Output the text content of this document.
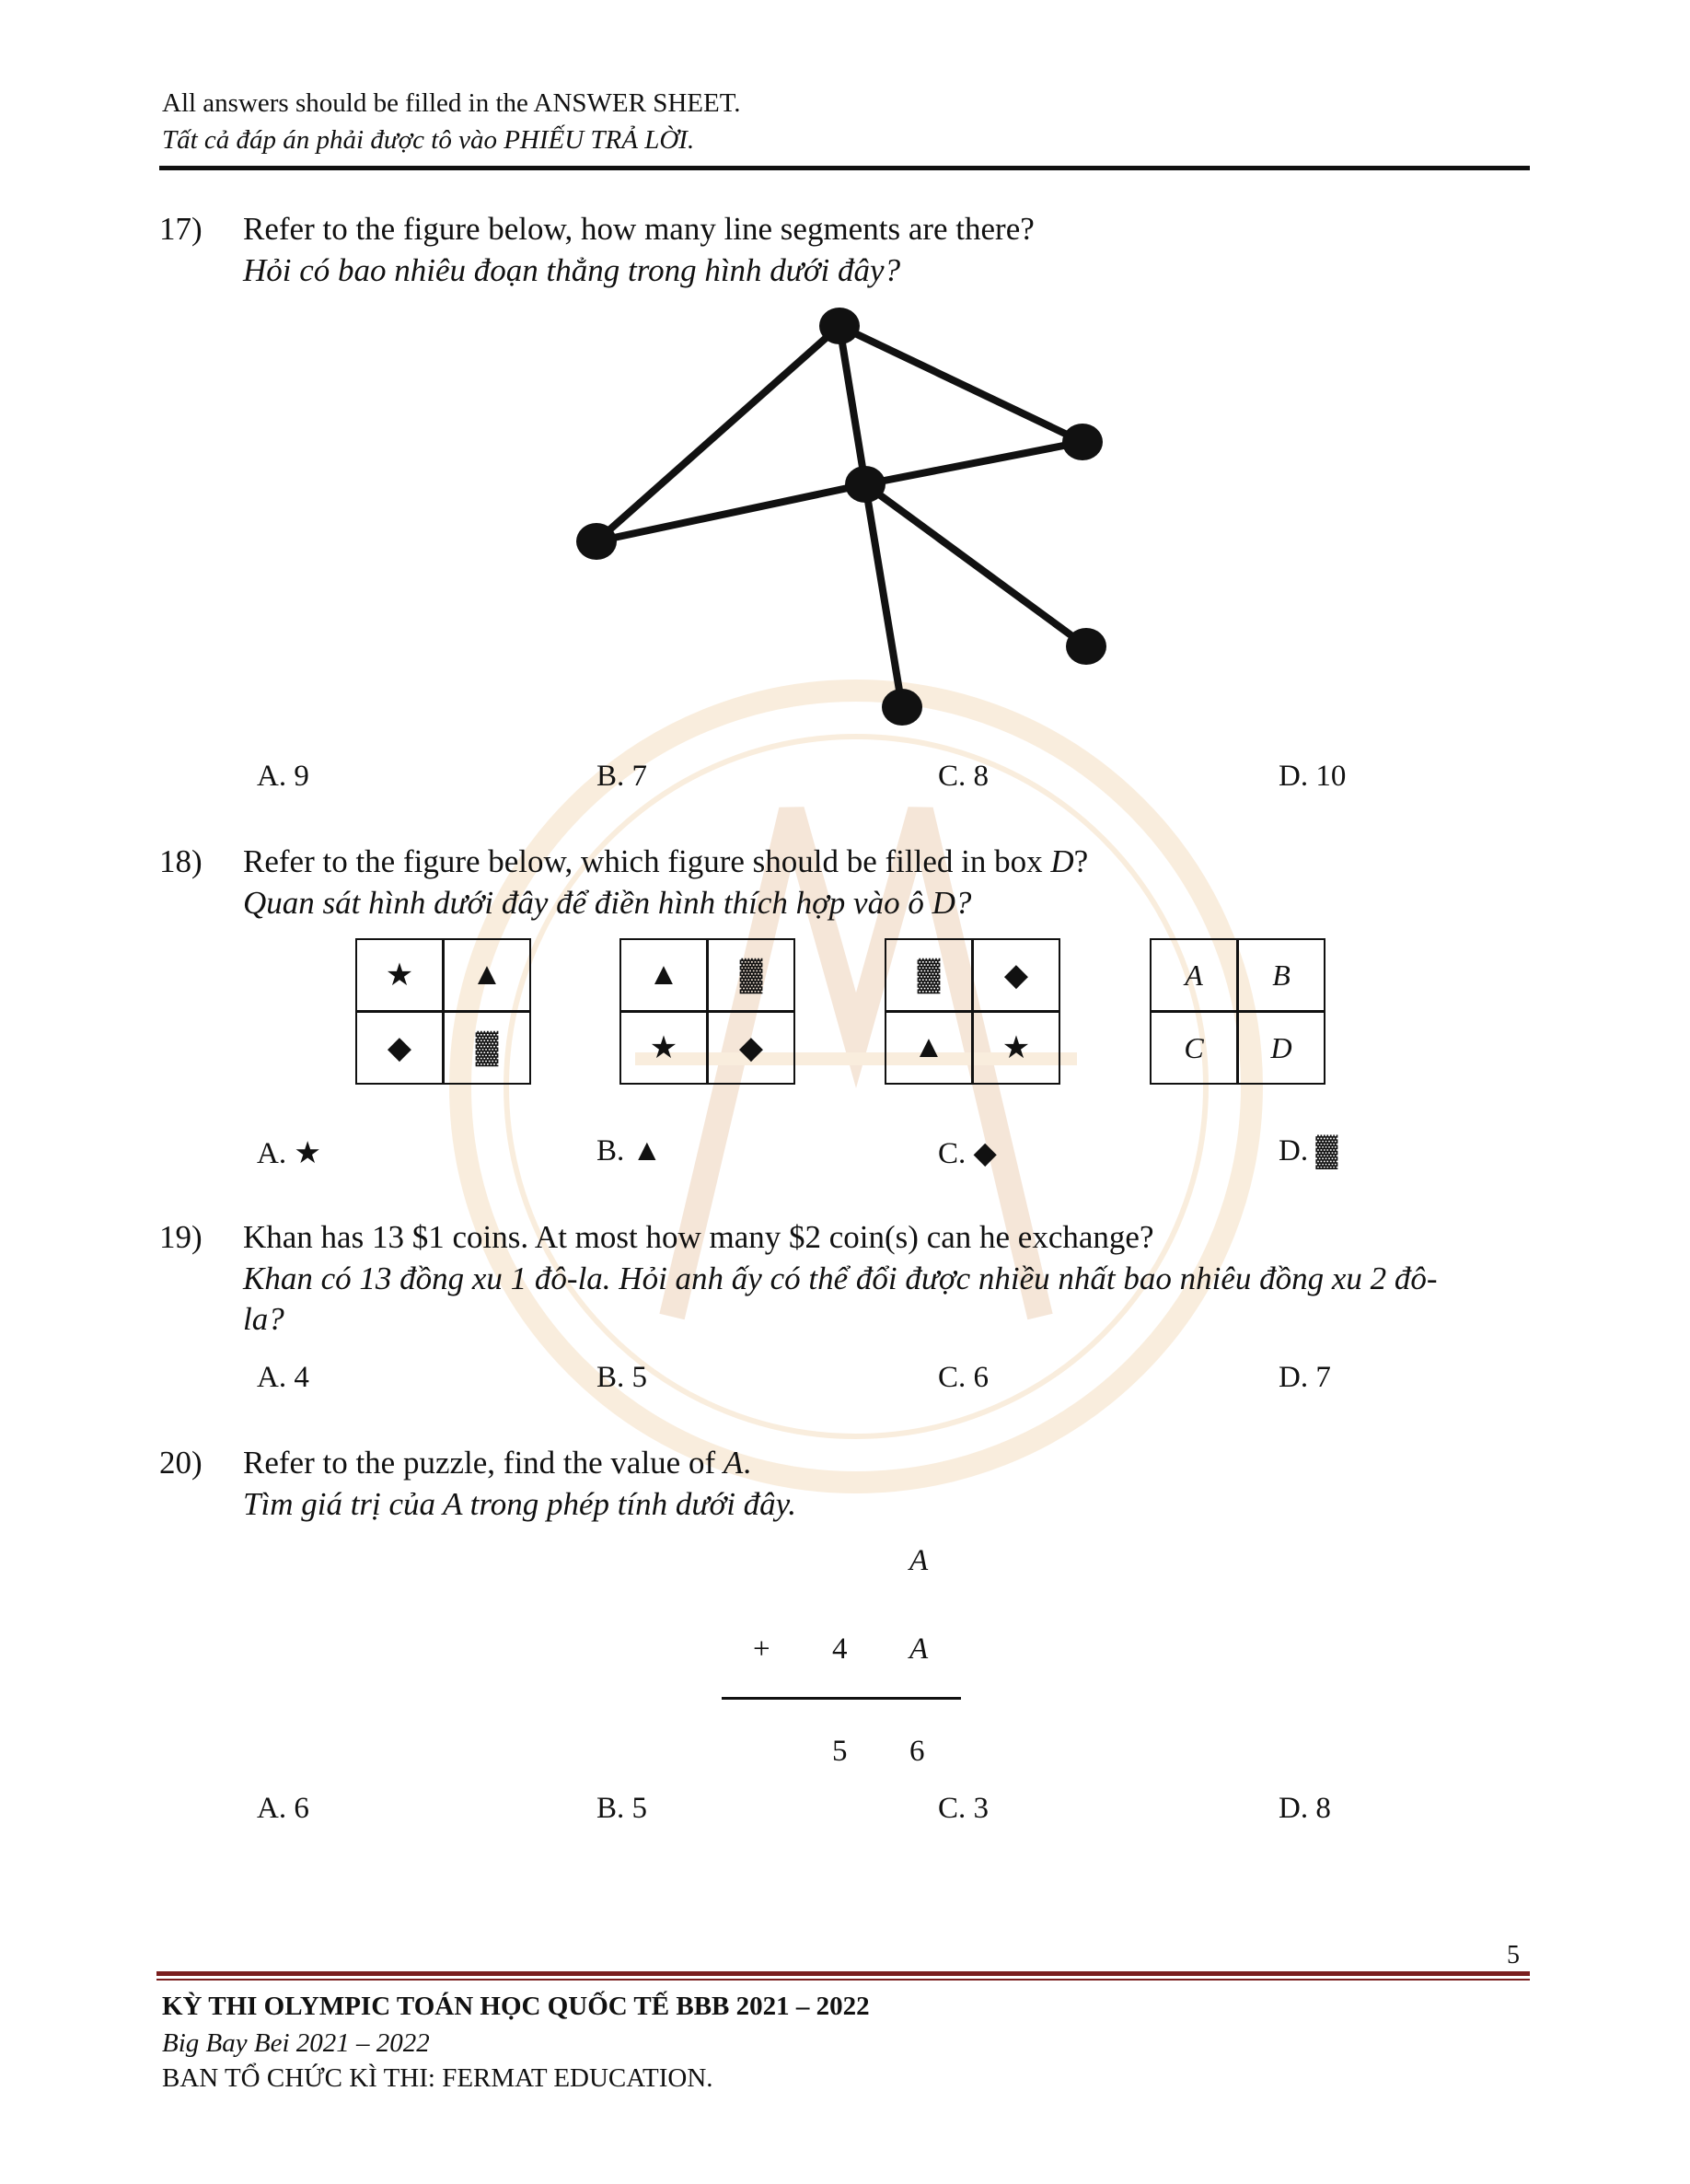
All answers should be filled in the ANSWER SHEET.
Tất cả đáp án phải được tô vào PHIẾU TRẢ LỜI.
17) Refer to the figure below, how many line segments are there?
Hỏi có bao nhiêu đoạn thẳng trong hình dưới đây?
A. 9	B. 7	C. 8	D. 10
18) Refer to the figure below, which figure should be filled in box D?
Quan sát hình dưới đây để điền hình thích hợp vào ô D?
★	▲
◆	▓
▲	▓
★	◆
▓	◆
▲	★
A	B
C	D
A. ★	B. ▲	C. ◆	D. ▓
19) Khan has 13 $1 coins. At most how many $2 coin(s) can he exchange?
Khan có 13 đồng xu 1 đô-la. Hỏi anh ấy có thể đổi được nhiều nhất bao nhiêu đồng xu 2 đô-
la?
A. 4	B. 5	C. 6	D. 7
20) Refer to the puzzle, find the value of A.
Tìm giá trị của A trong phép tính dưới đây.
A
+ 4 A
5 6
A. 6	B. 5	C. 3	D. 8
5
KỲ THI OLYMPIC TOÁN HỌC QUỐC TẾ BBB 2021 – 2022
Big Bay Bei 2021 – 2022
BAN TỔ CHỨC KÌ THI: FERMAT EDUCATION.
